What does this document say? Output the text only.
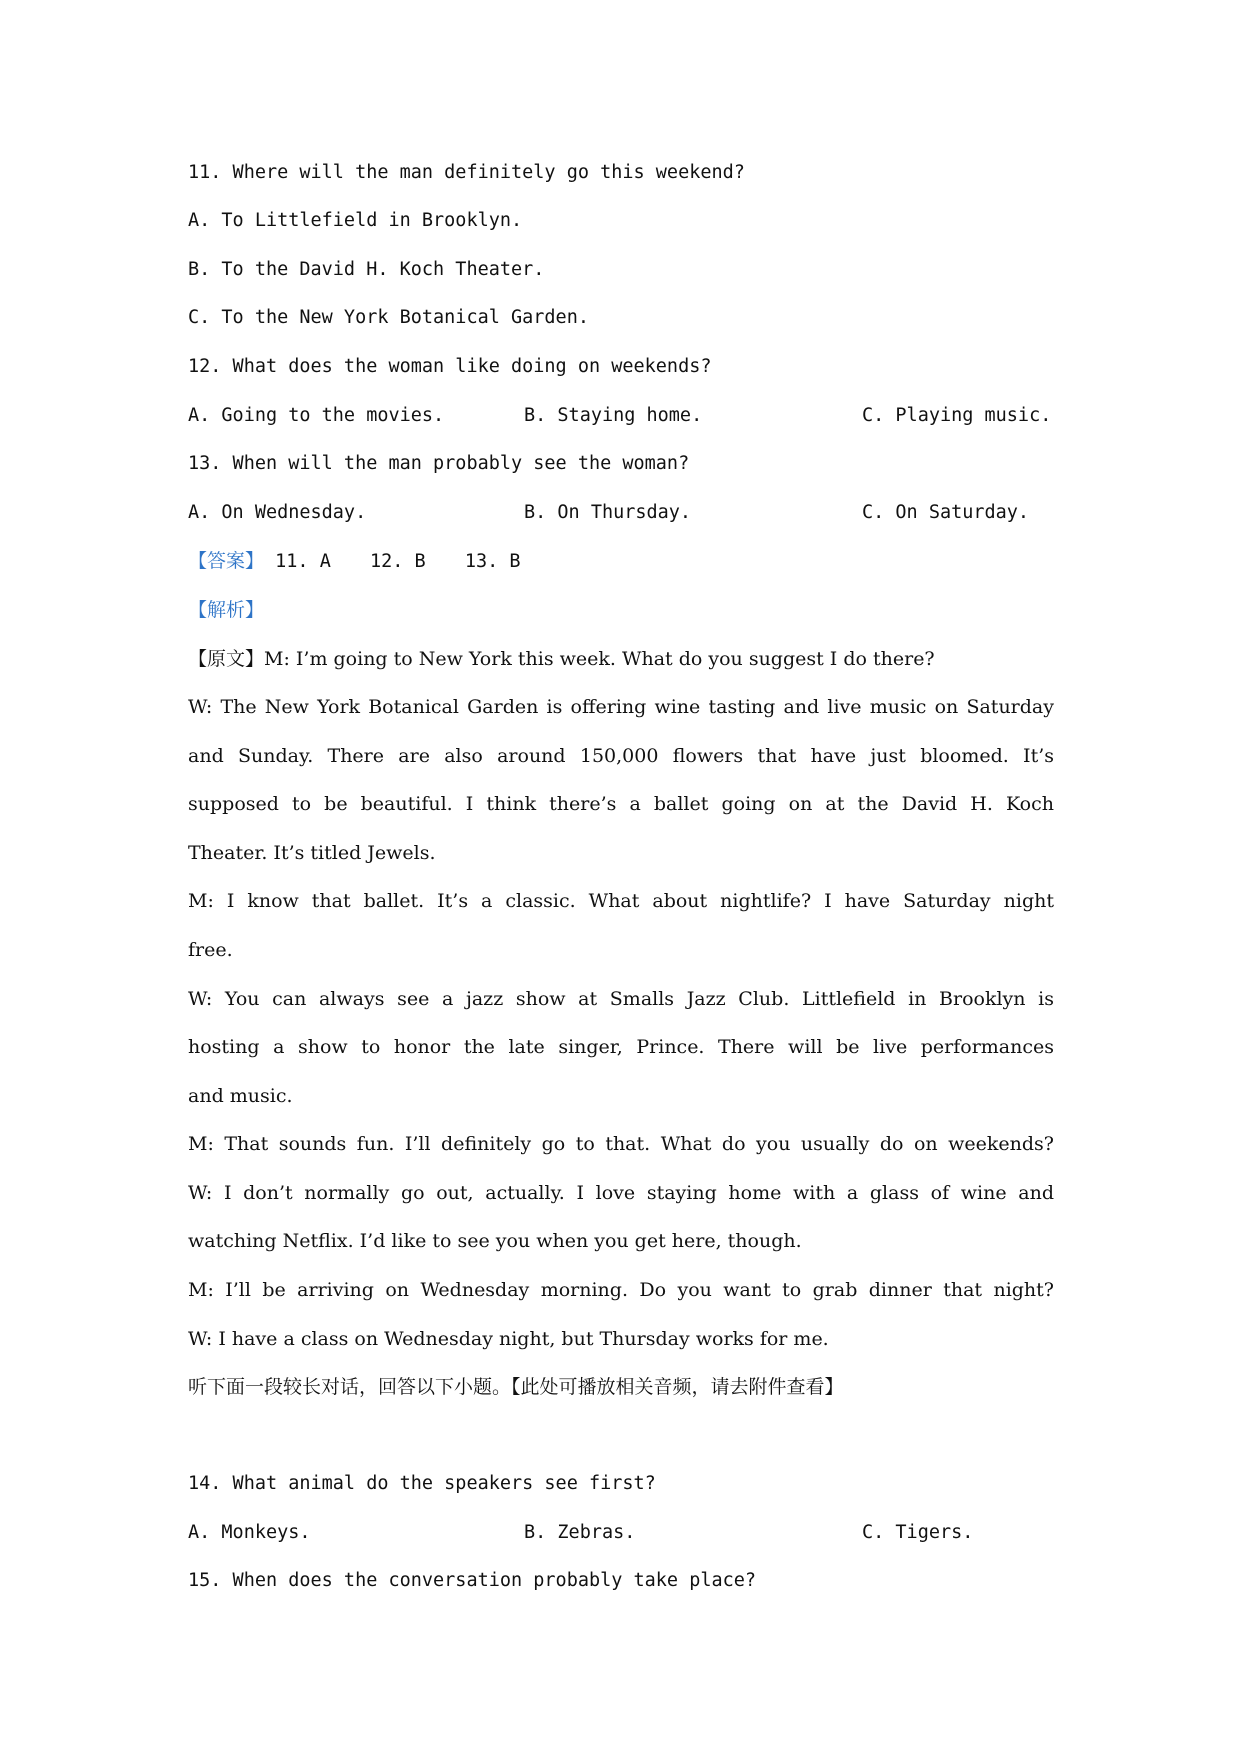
11. Where will the man definitely go this weekend?
A. To Littlefield in Brooklyn.
B. To the David H. Koch Theater.
C. To the New York Botanical Garden.
12. What does the woman like doing on weekends?
A. Going to the movies.	B. Staying home.	C. Playing music.
13. When will the man probably see the woman?
A. On Wednesday.	B. On Thursday.	C. On Saturday.
【答案】 11. A 12. B 13. B
【解析】
【原文】M: I’m going to New York this week. What do you suggest I do there?
W: The New York Botanical Garden is offering wine tasting and live music on Saturday
and Sunday. There are also around 150,000 flowers that have just bloomed. It’s
supposed to be beautiful. I think there’s a ballet going on at the David H. Koch
Theater. It’s titled Jewels.
M: I know that ballet. It’s a classic. What about nightlife? I have Saturday night
free.
W: You can always see a jazz show at Smalls Jazz Club. Littlefield in Brooklyn is
hosting a show to honor the late singer, Prince. There will be live performances
and music.
M: That sounds fun. I’ll definitely go to that. What do you usually do on weekends?
W: I don’t normally go out, actually. I love staying home with a glass of wine and
watching Netflix. I’d like to see you when you get here, though.
M: I’ll be arriving on Wednesday morning. Do you want to grab dinner that night?
W: I have a class on Wednesday night, but Thursday works for me.
听下面一段较长对话，回答以下小题。【此处可播放相关音频，请去附件查看】
14. What animal do the speakers see first?
A. Monkeys.	B. Zebras.	C. Tigers.
15. When does the conversation probably take place?
